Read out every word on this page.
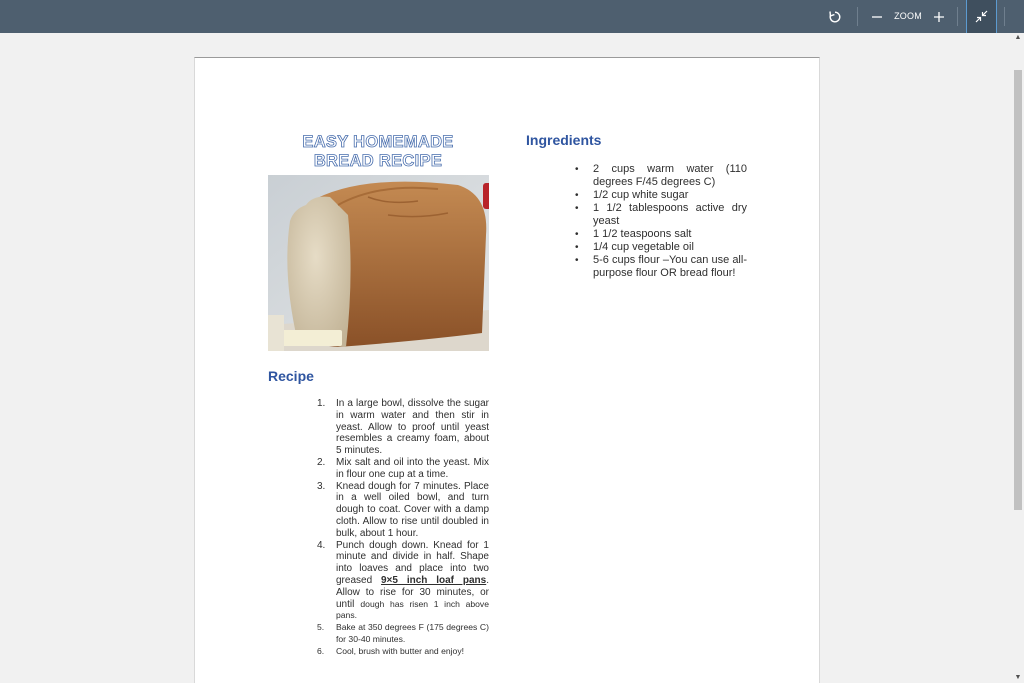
ZOOM
EASY HOMEMADE
BREAD RECIPE
Ingredients
• 2 cups warm water (110 degrees F/45 degrees C)
• 1/2 cup white sugar
• 1 1/2 tablespoons active dry yeast
• 1 1/2 teaspoons salt
• 1/4 cup vegetable oil
• 5-6 cups flour –You can use all-purpose flour OR bread flour!
Recipe
1. In a large bowl, dissolve the sugar in warm water and then stir in yeast. Allow to proof until yeast resembles a creamy foam, about 5 minutes.
2. Mix salt and oil into the yeast. Mix in flour one cup at a time.
3. Knead dough for 7 minutes. Place in a well oiled bowl, and turn dough to coat. Cover with a damp cloth. Allow to rise until doubled in bulk, about 1 hour.
4. Punch dough down. Knead for 1 minute and divide in half. Shape into loaves and place into two greased 9×5 inch loaf pans. Allow to rise for 30 minutes, or until dough has risen 1 inch above pans.
5. Bake at 350 degrees F (175 degrees C) for 30-40 minutes.
6. Cool, brush with butter and enjoy!
▲
▼
